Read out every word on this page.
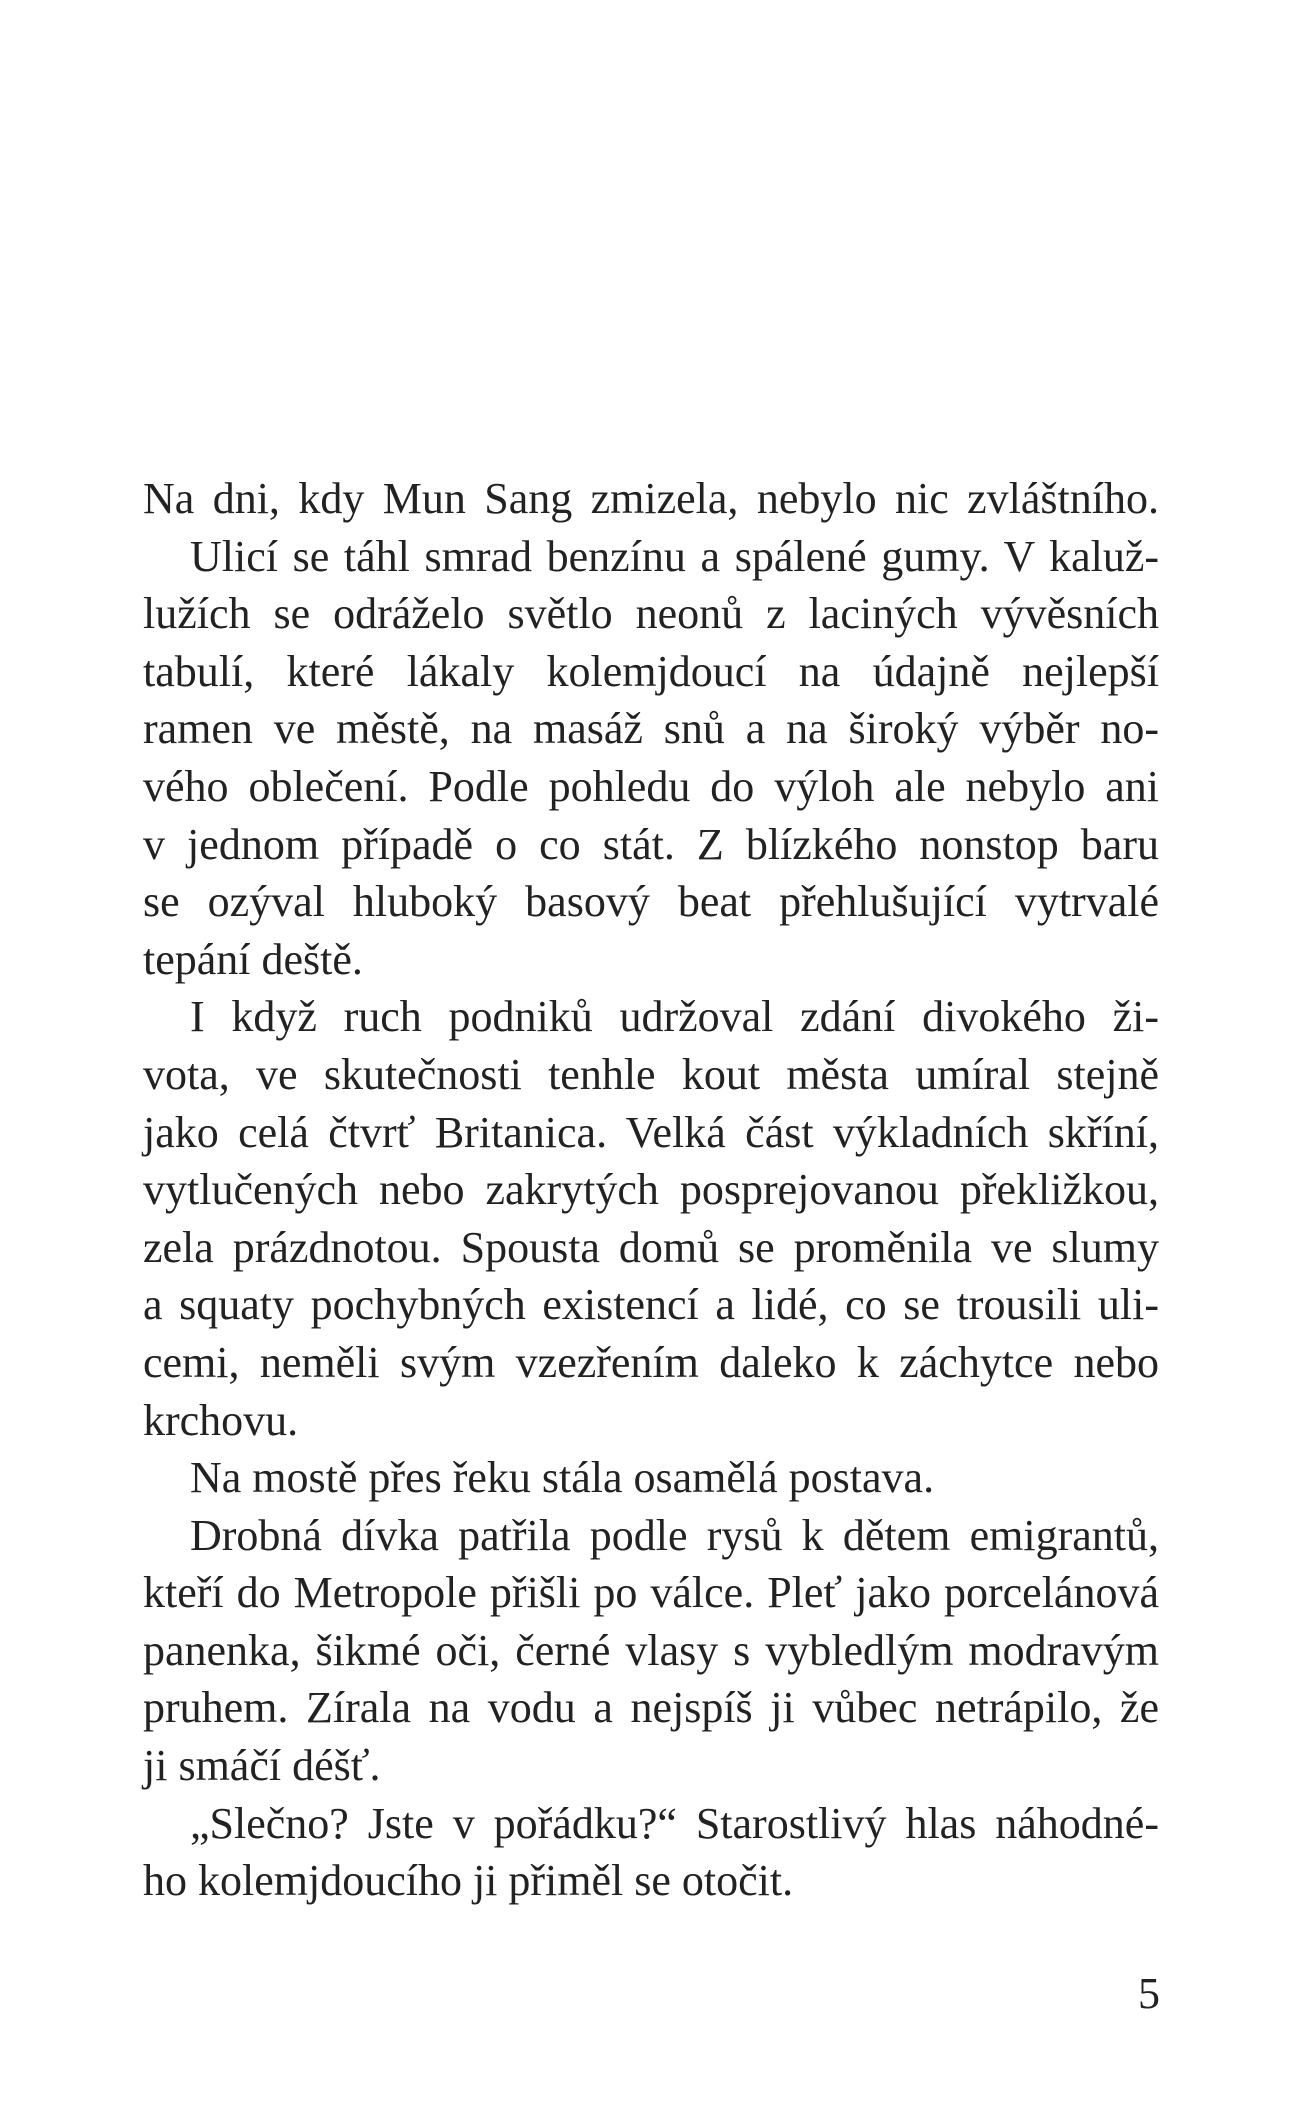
Na dni, kdy Mun Sang zmizela, nebylo nic zvláštního.
Ulicí se táhl smrad benzínu a spálené gumy. V kaluž-
lužích se odráželo světlo neonů z laciných vývěsních
tabulí, které lákaly kolemjdoucí na údajně nejlepší
ramen ve městě, na masáž snů a na široký výběr no-
vého oblečení. Podle pohledu do výloh ale nebylo ani
v jednom případě o co stát. Z blízkého nonstop baru
se ozýval hluboký basový beat přehlušující vytrvalé
tepání deště.
I když ruch podniků udržoval zdání divokého ži-
vota, ve skutečnosti tenhle kout města umíral stejně
jako celá čtvrť Britanica. Velká část výkladních skříní,
vytlučených nebo zakrytých posprejovanou překližkou,
zela prázdnotou. Spousta domů se proměnila ve slumy
a squaty pochybných existencí a lidé, co se trousili uli-
cemi, neměli svým vzezřením daleko k záchytce nebo
krchovu.
Na mostě přes řeku stála osamělá postava.
Drobná dívka patřila podle rysů k dětem emigrantů,
kteří do Metropole přišli po válce. Pleť jako porcelánová
panenka, šikmé oči, černé vlasy s vybledlým modravým
pruhem. Zírala na vodu a nejspíš ji vůbec netrápilo, že
ji smáčí déšť.
„Slečno? Jste v pořádku?“ Starostlivý hlas náhodné-
ho kolemjdoucího ji přiměl se otočit.
5
